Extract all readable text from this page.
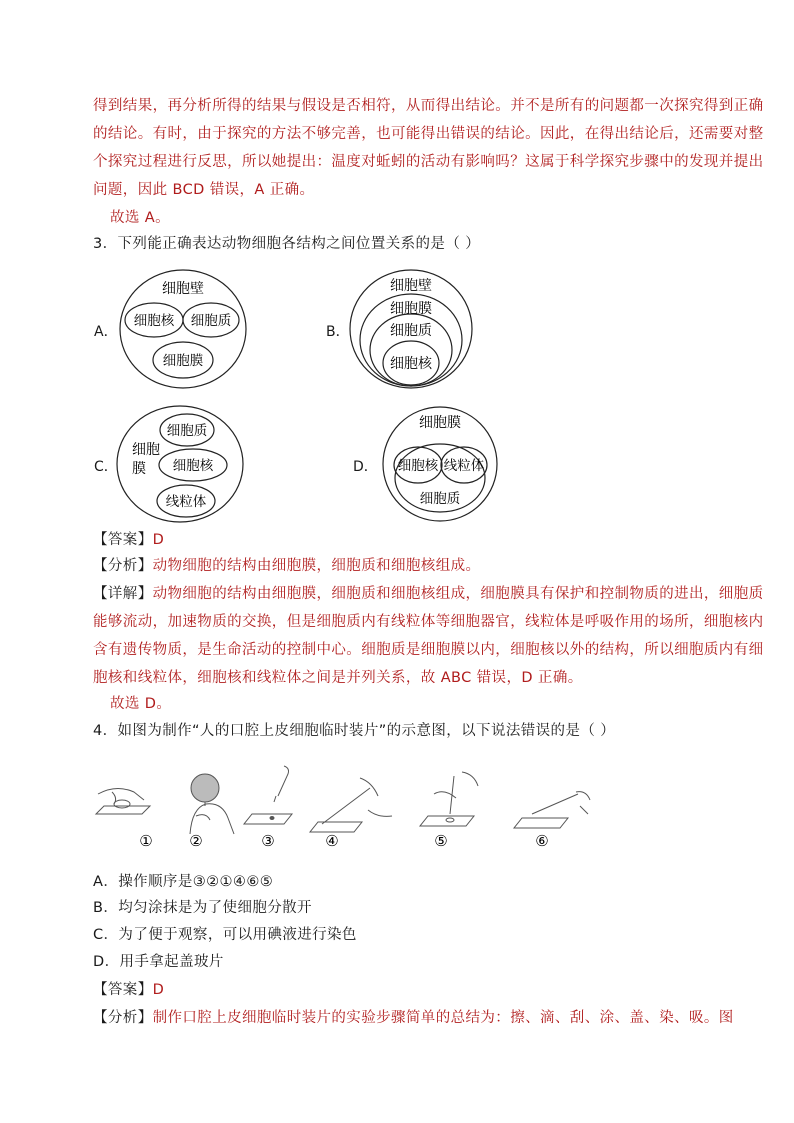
得到结果，再分析所得的结果与假设是否相符，从而得出结论。并不是所有的问题都一次探究得到正确
的结论。有时，由于探究的方法不够完善，也可能得出错误的结论。因此，在得出结论后，还需要对整
个探究过程进行反思，所以她提出：温度对蚯蚓的活动有影响吗？这属于科学探究步骤中的发现并提出
问题，因此 BCD 错误，A 正确。
故选 A。
3．下列能正确表达动物细胞各结构之间位置关系的是（ ）
A．
细胞壁
细胞核 细胞质
细胞膜
B．
细胞壁
细胞膜
细胞质
细胞核
C．
细胞
膜
细胞质
细胞核
线粒体
D．
细胞膜
细胞核 线粒体
细胞质
【答案】D
【分析】动物细胞的结构由细胞膜，细胞质和细胞核组成。
【详解】动物细胞的结构由细胞膜，细胞质和细胞核组成，细胞膜具有保护和控制物质的进出，细胞质
能够流动，加速物质的交换，但是细胞质内有线粒体等细胞器官，线粒体是呼吸作用的场所，细胞核内
含有遗传物质，是生命活动的控制中心。细胞质是细胞膜以内，细胞核以外的结构，所以细胞质内有细
胞核和线粒体，细胞核和线粒体之间是并列关系，故 ABC 错误，D 正确。
故选 D。
4．如图为制作“人的口腔上皮细胞临时装片”的示意图，以下说法错误的是（ ）
① ②	③	④	⑤	⑥
A．操作顺序是③②①④⑥⑤
B．均匀涂抹是为了使细胞分散开
C．为了便于观察，可以用碘液进行染色
D．用手拿起盖玻片
【答案】D
【分析】制作口腔上皮细胞临时装片的实验步骤简单的总结为：擦、滴、刮、涂、盖、染、吸。图
